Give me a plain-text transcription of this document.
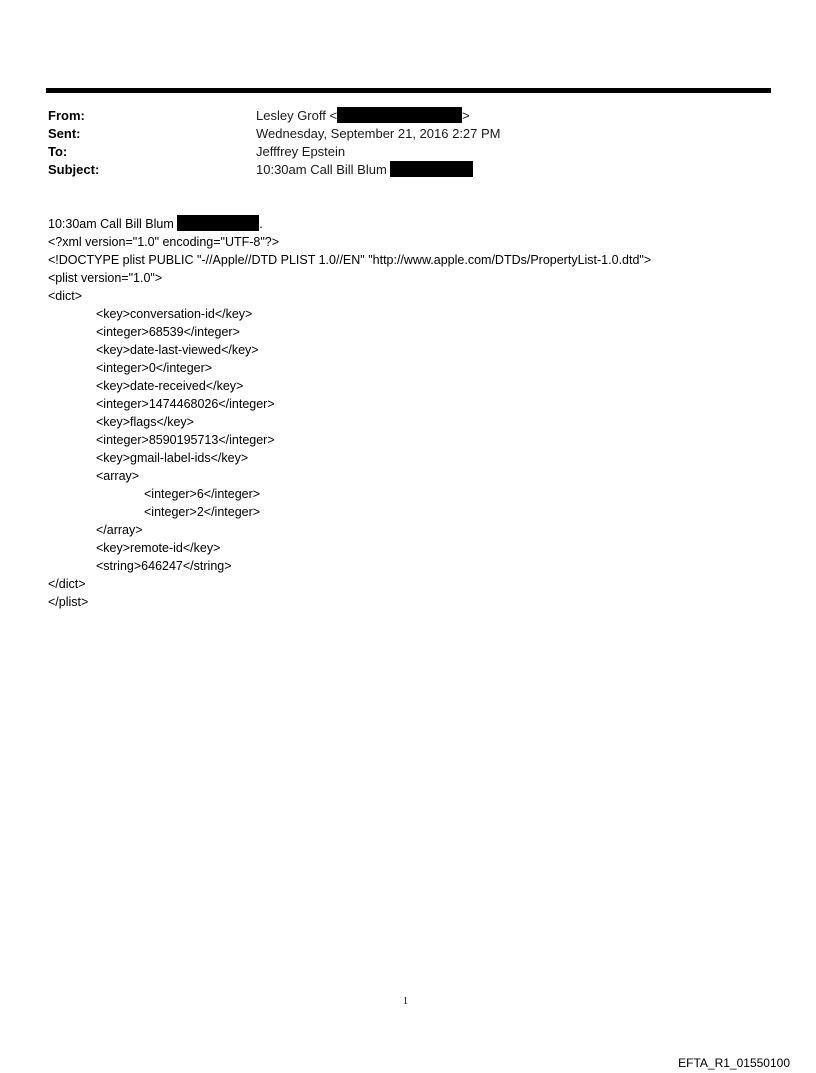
From:	Lesley Groff <	>
Sent:	Wednesday, September 21, 2016 2:27 PM
To:	Jefffrey Epstein
Subject:	10:30am Call Bill Blum
10:30am Call Bill Blum	.
<?xml version="1.0" encoding="UTF-8"?>
<!DOCTYPE plist PUBLIC "-//Apple//DTD PLIST 1.0//EN" "http://www.apple.com/DTDs/PropertyList-1.0.dtd">
<plist version="1.0">
<dict>
<key>conversation-id</key>
<integer>68539</integer>
<key>date-last-viewed</key>
<integer>0</integer>
<key>date-received</key>
<integer>1474468026</integer>
<key>flags</key>
<integer>8590195713</integer>
<key>gmail-label-ids</key>
<array>
<integer>6</integer>
<integer>2</integer>
</array>
<key>remote-id</key>
<string>646247</string>
</dict>
</plist>
1
EFTA_R1_01550100
